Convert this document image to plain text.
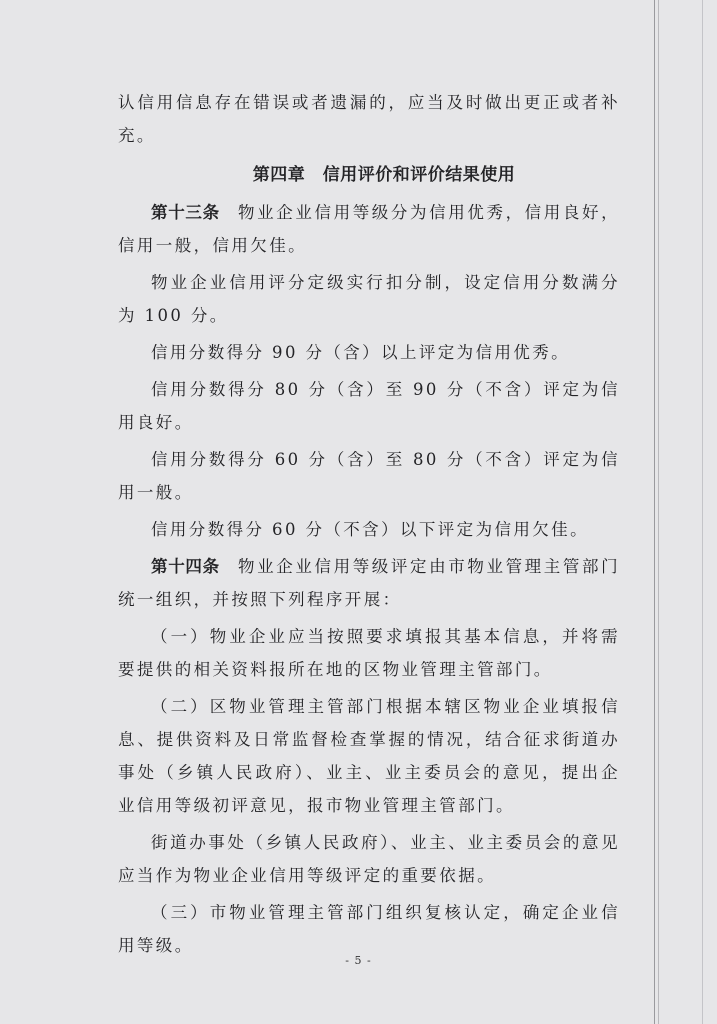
认信用信息存在错误或者遗漏的，应当及时做出更正或者补充。

第四章　信用评价和评价结果使用

第十三条 物业企业信用等级分为信用优秀，信用良好，信用一般，信用欠佳。

物业企业信用评分定级实行扣分制，设定信用分数满分为 100 分。

信用分数得分 90 分（含）以上评定为信用优秀。

信用分数得分 80 分（含）至 90 分（不含）评定为信用良好。

信用分数得分 60 分（含）至 80 分（不含）评定为信用一般。

信用分数得分 60 分（不含）以下评定为信用欠佳。

第十四条 物业企业信用等级评定由市物业管理主管部门统一组织，并按照下列程序开展：

（一）物业企业应当按照要求填报其基本信息，并将需要提供的相关资料报所在地的区物业管理主管部门。

（二）区物业管理主管部门根据本辖区物业企业填报信息、提供资料及日常监督检查掌握的情况，结合征求街道办事处（乡镇人民政府）、业主、业主委员会的意见，提出企业信用等级初评意见，报市物业管理主管部门。

街道办事处（乡镇人民政府）、业主、业主委员会的意见应当作为物业企业信用等级评定的重要依据。

（三）市物业管理主管部门组织复核认定，确定企业信用等级。

- 5 -
